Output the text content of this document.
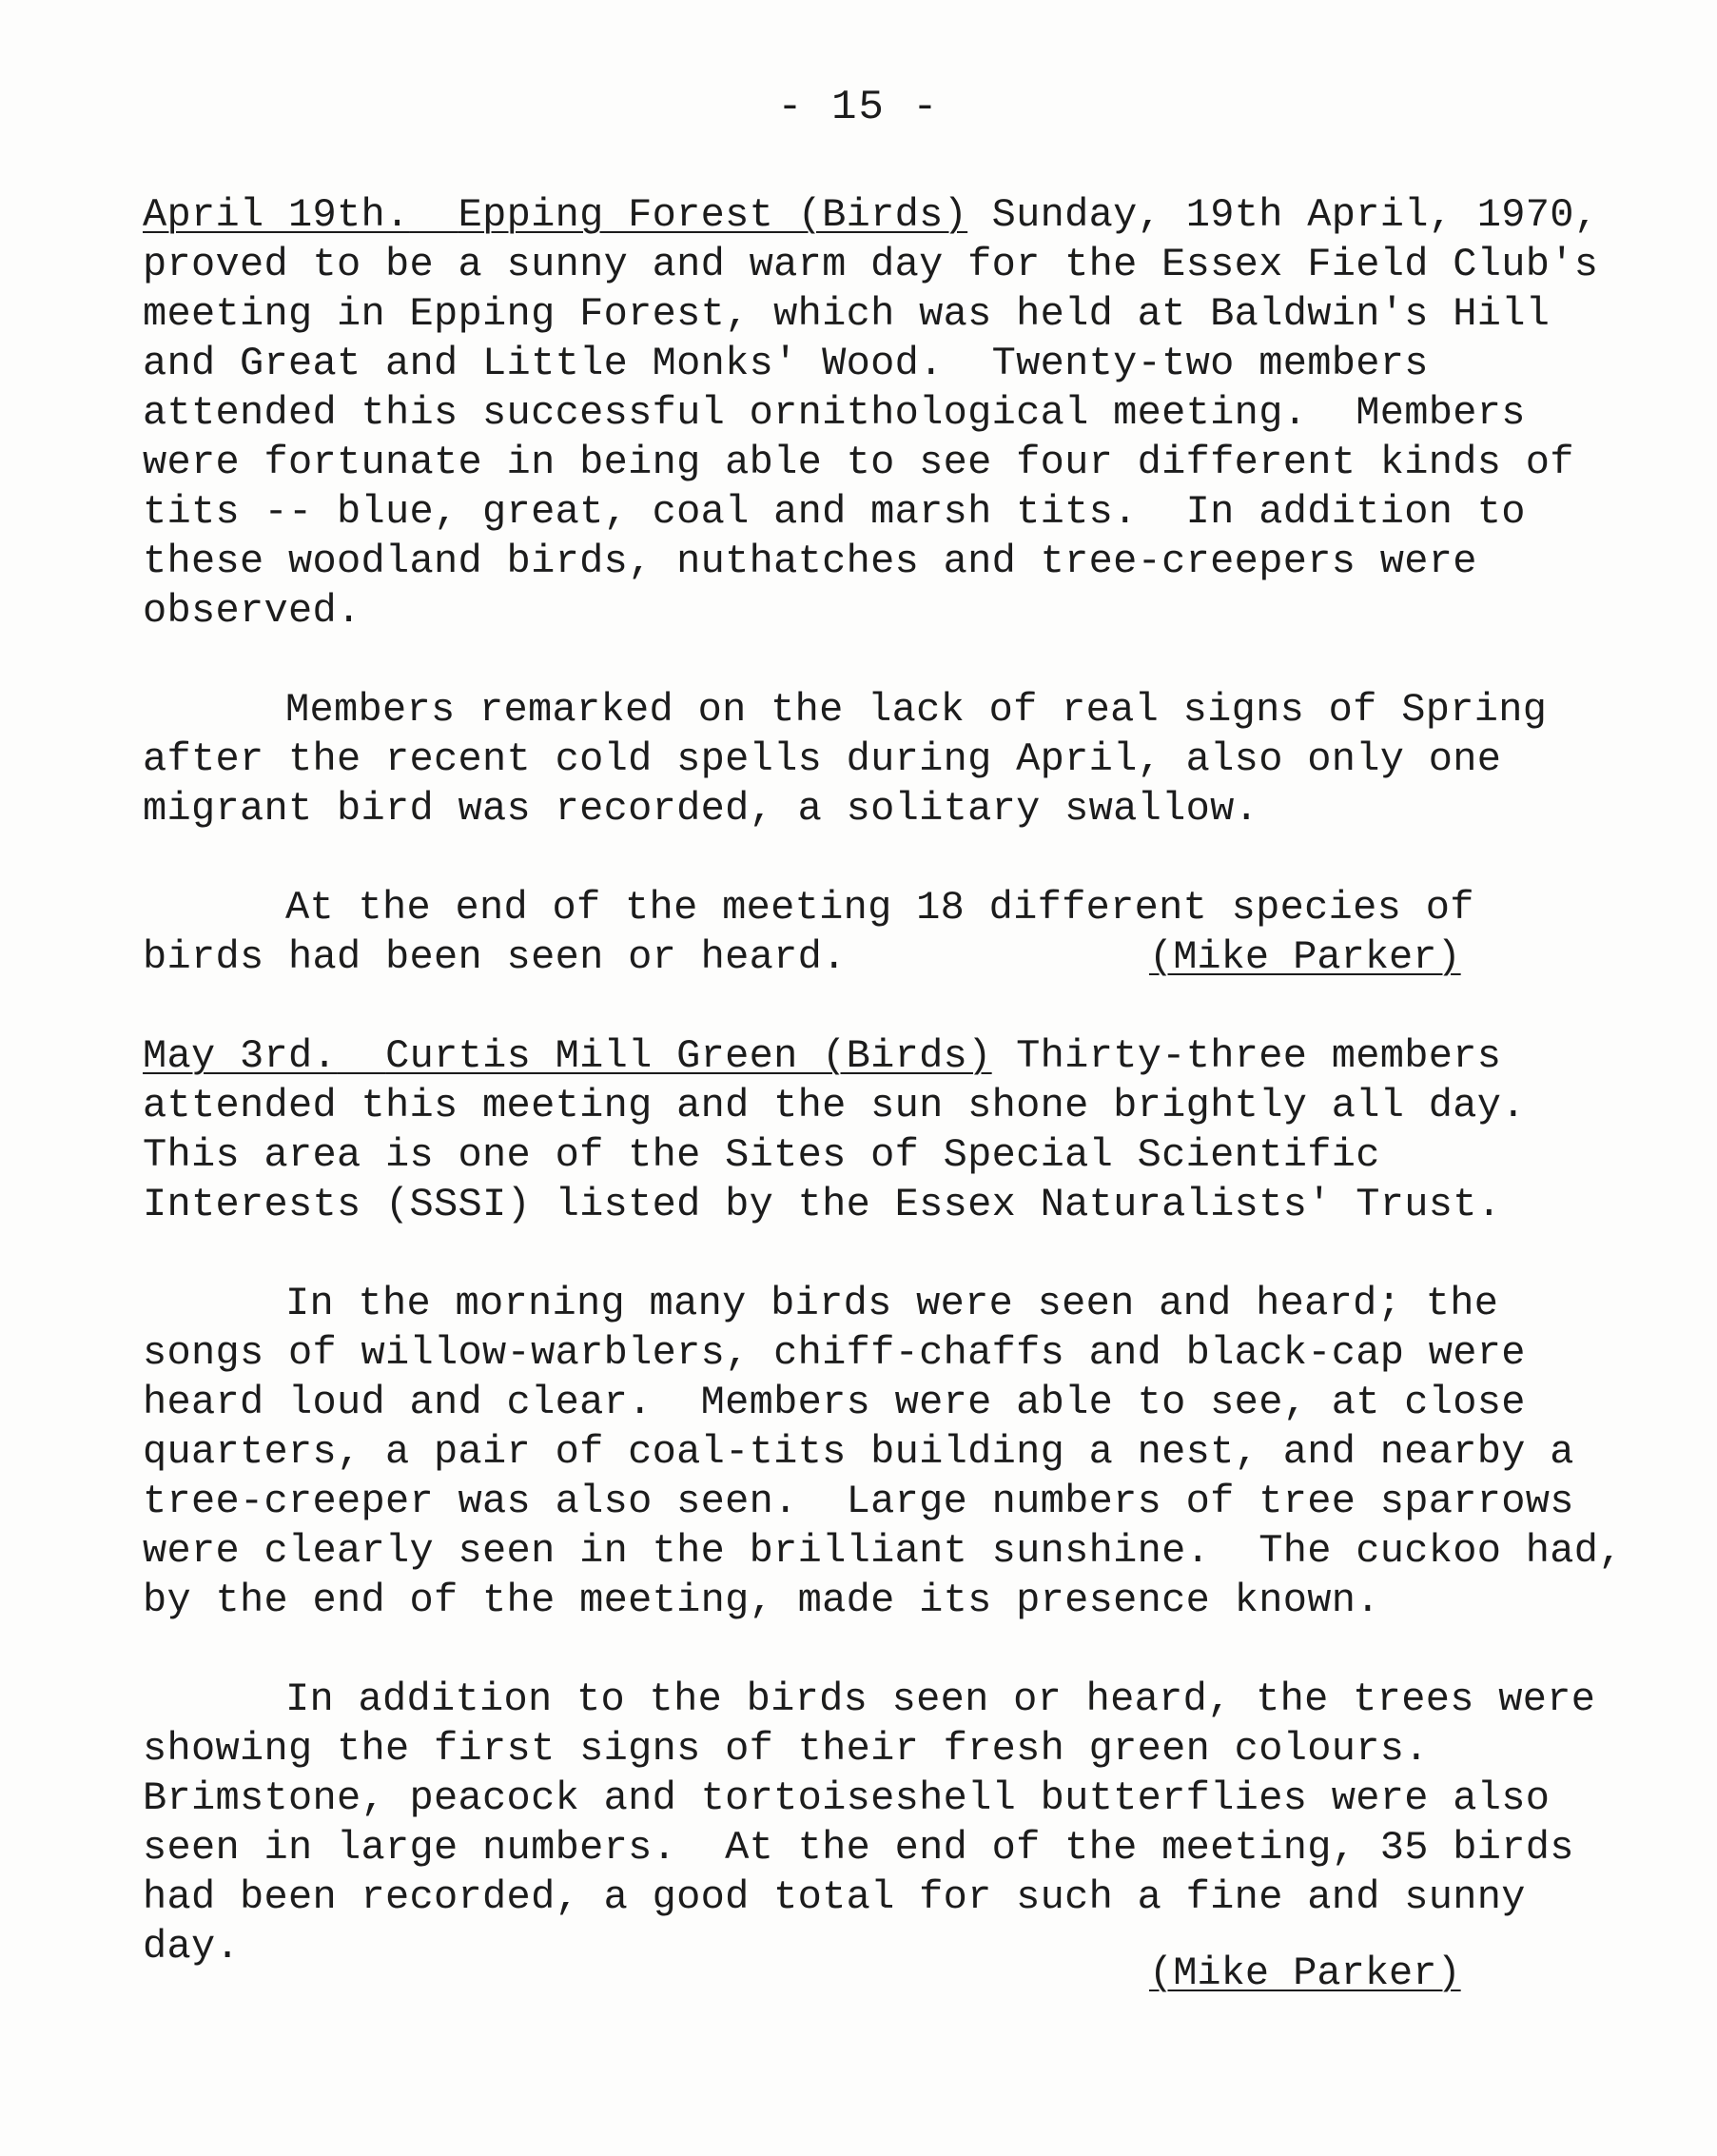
- 15 -
April 19th. Epping Forest (Birds) Sunday, 19th April, 1970,
proved to be a sunny and warm day for the Essex Field Club's
meeting in Epping Forest, which was held at Baldwin's Hill
and Great and Little Monks' Wood.  Twenty-two members
attended this successful ornithological meeting.  Members
were fortunate in being able to see four different kinds of
tits -- blue, great, coal and marsh tits.  In addition to
these woodland birds, nuthatches and tree-creepers were
observed.
Members remarked on the lack of real signs of Spring
after the recent cold spells during April, also only one
migrant bird was recorded, a solitary swallow.
At the end of the meeting 18 different species of
birds had been seen or heard.	(Mike Parker)
May 3rd. Curtis Mill Green (Birds) Thirty-three members
attended this meeting and the sun shone brightly all day.
This area is one of the Sites of Special Scientific
Interests (SSSI) listed by the Essex Naturalists' Trust.
In the morning many birds were seen and heard; the
songs of willow-warblers, chiff-chaffs and black-cap were
heard loud and clear.  Members were able to see, at close
quarters, a pair of coal-tits building a nest, and nearby a
tree-creeper was also seen.  Large numbers of tree sparrows
were clearly seen in the brilliant sunshine.  The cuckoo had,
by the end of the meeting, made its presence known.
In addition to the birds seen or heard, the trees were
showing the first signs of their fresh green colours.
Brimstone, peacock and tortoiseshell butterflies were also
seen in large numbers.  At the end of the meeting, 35 birds
had been recorded, a good total for such a fine and sunny
day.
(Mike Parker)
